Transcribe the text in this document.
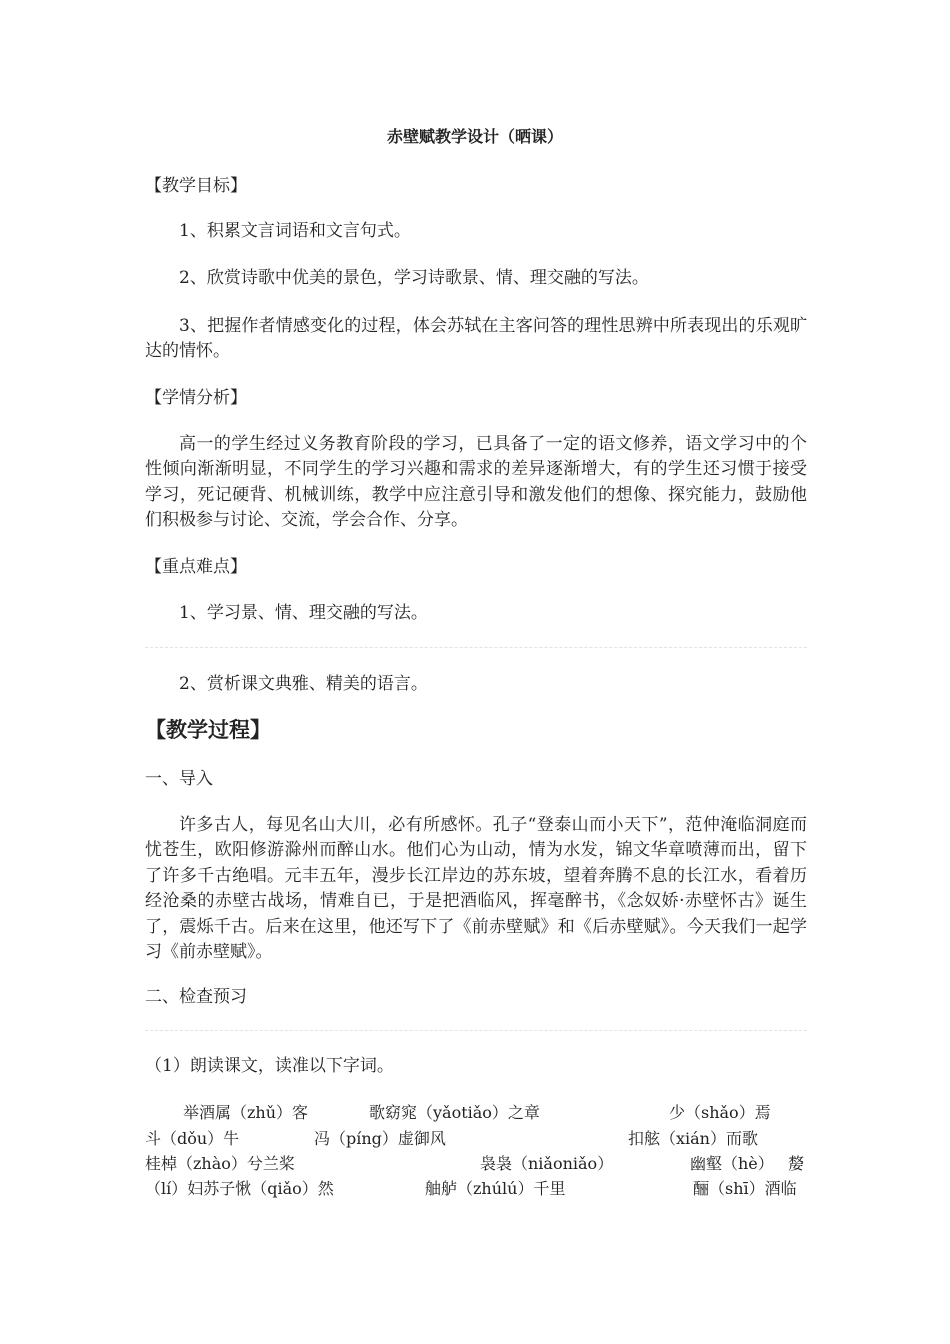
赤壁赋教学设计（晒课）
【教学目标】
1、积累文言词语和文言句式。
2、欣赏诗歌中优美的景色，学习诗歌景、情、理交融的写法。
3、把握作者情感变化的过程，体会苏轼在主客问答的理性思辨中所表现出的乐观旷达的情怀。
【学情分析】
高一的学生经过义务教育阶段的学习，已具备了一定的语文修养，语文学习中的个性倾向渐渐明显，不同学生的学习兴趣和需求的差异逐渐增大，有的学生还习惯于接受学习，死记硬背、机械训练，教学中应注意引导和激发他们的想像、探究能力，鼓励他们积极参与讨论、交流，学会合作、分享。
【重点难点】
1、学习景、情、理交融的写法。
2、赏析课文典雅、精美的语言。
【教学过程】
一、导入
许多古人，每见名山大川，必有所感怀。孔子“登泰山而小天下”，范仲淹临洞庭而忧苍生，欧阳修游滁州而醉山水。他们心为山动，情为水发，锦文华章喷薄而出，留下了许多千古绝唱。元丰五年，漫步长江岸边的苏东坡，望着奔腾不息的长江水，看着历经沧桑的赤壁古战场，情难自已，于是把酒临风，挥毫醉书，《念奴娇·赤壁怀古》诞生了，震烁千古。后来在这里，他还写下了《前赤壁赋》和《后赤壁赋》。今天我们一起学习《前赤壁赋》。
二、检查预习
（1）朗读课文，读准以下字词。
举酒属（zhǔ）客	歌窈窕（yǎotiǎo）之章	少（shǎo）焉
斗（dǒu）牛	冯（píng）虚御风	扣舷（xián）而歌
桂棹（zhào）兮兰桨	袅袅（niǎoniǎo）	幽壑（hè） 嫠
（lí）妇苏子愀（qiǎo）然	舳舻（zhúlú）千里	酾（shī）酒临
